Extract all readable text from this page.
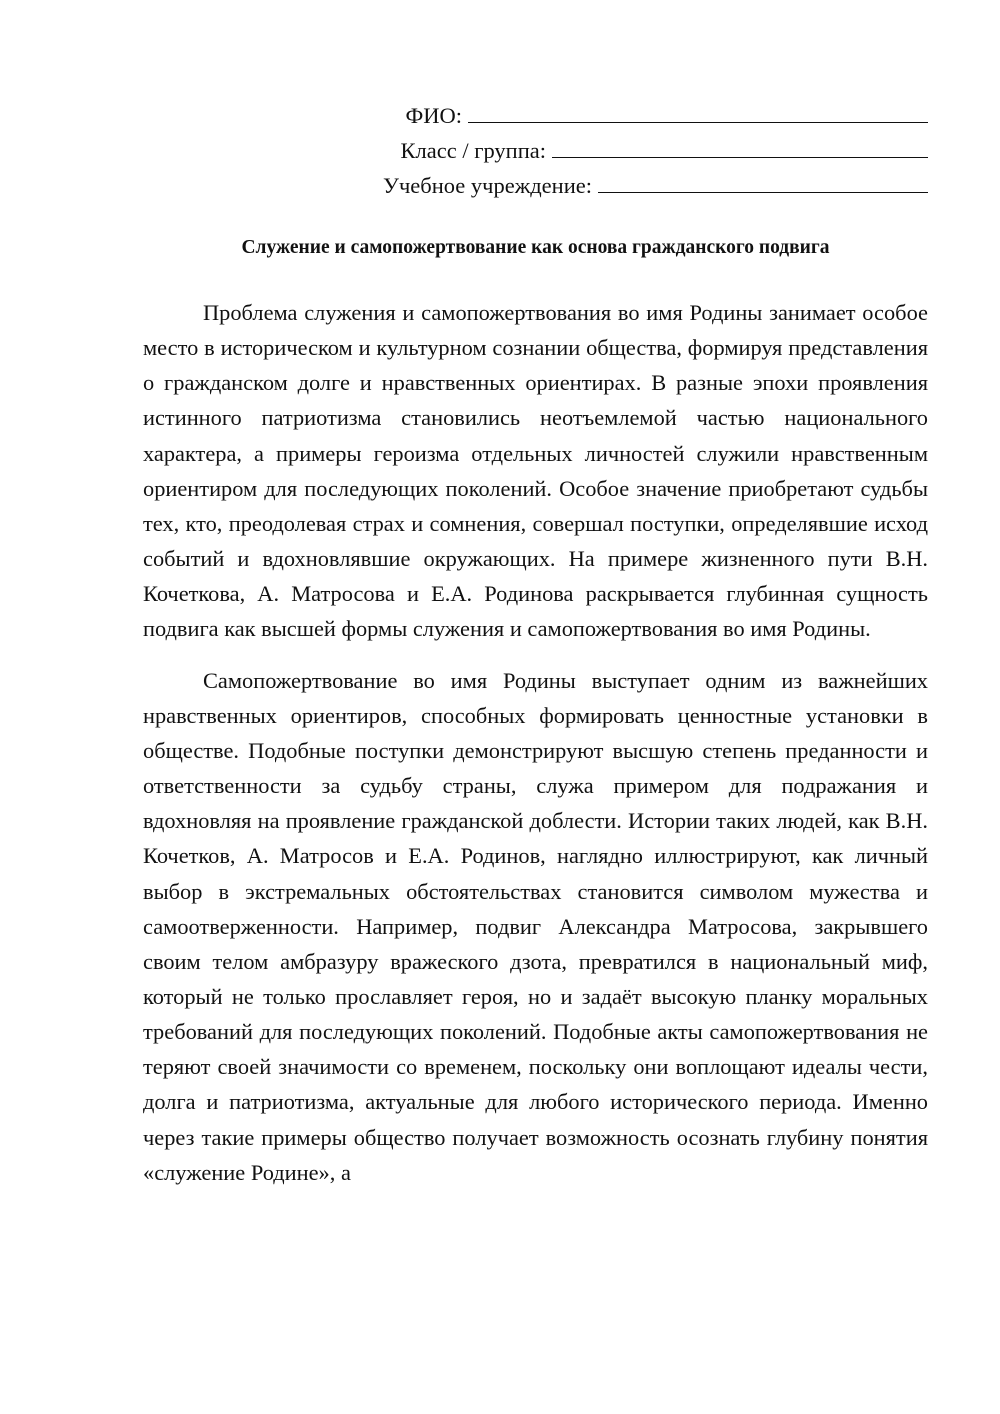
ФИО:
Класс / группа:
Учебное учреждение:
Служение и самопожертвование как основа гражданского подвига

Проблема служения и самопожертвования во имя Родины занимает особое место в историческом и культурном сознании общества, формируя представления о гражданском долге и нравственных ориентирах. В разные эпохи проявления истинного патриотизма становились неотъемлемой частью национального характера, а примеры героизма отдельных личностей служили нравственным ориентиром для последующих поколений. Особое значение приобретают судьбы тех, кто, преодолевая страх и сомнения, совершал поступки, определявшие исход событий и вдохновлявшие окружающих. На примере жизненного пути В.Н. Кочеткова, А. Матросова и Е.А. Родинова раскрывается глубинная сущность подвига как высшей формы служения и самопожертвования во имя Родины.

Самопожертвование во имя Родины выступает одним из важнейших нравственных ориентиров, способных формировать ценностные установки в обществе. Подобные поступки демонстрируют высшую степень преданности и ответственности за судьбу страны, служа примером для подражания и вдохновляя на проявление гражданской доблести. Истории таких людей, как В.Н. Кочетков, А. Матросов и Е.А. Родинов, наглядно иллюстрируют, как личный выбор в экстремальных обстоятельствах становится символом мужества и самоотверженности. Например, подвиг Александра Матросова, закрывшего своим телом амбразуру вражеского дзота, превратился в национальный миф, который не только прославляет героя, но и задаёт высокую планку моральных требований для последующих поколений. Подобные акты самопожертвования не теряют своей значимости со временем, поскольку они воплощают идеалы чести, долга и патриотизма, актуальные для любого исторического периода. Именно через такие примеры общество получает возможность осознать глубину понятия «служение Родине», а
